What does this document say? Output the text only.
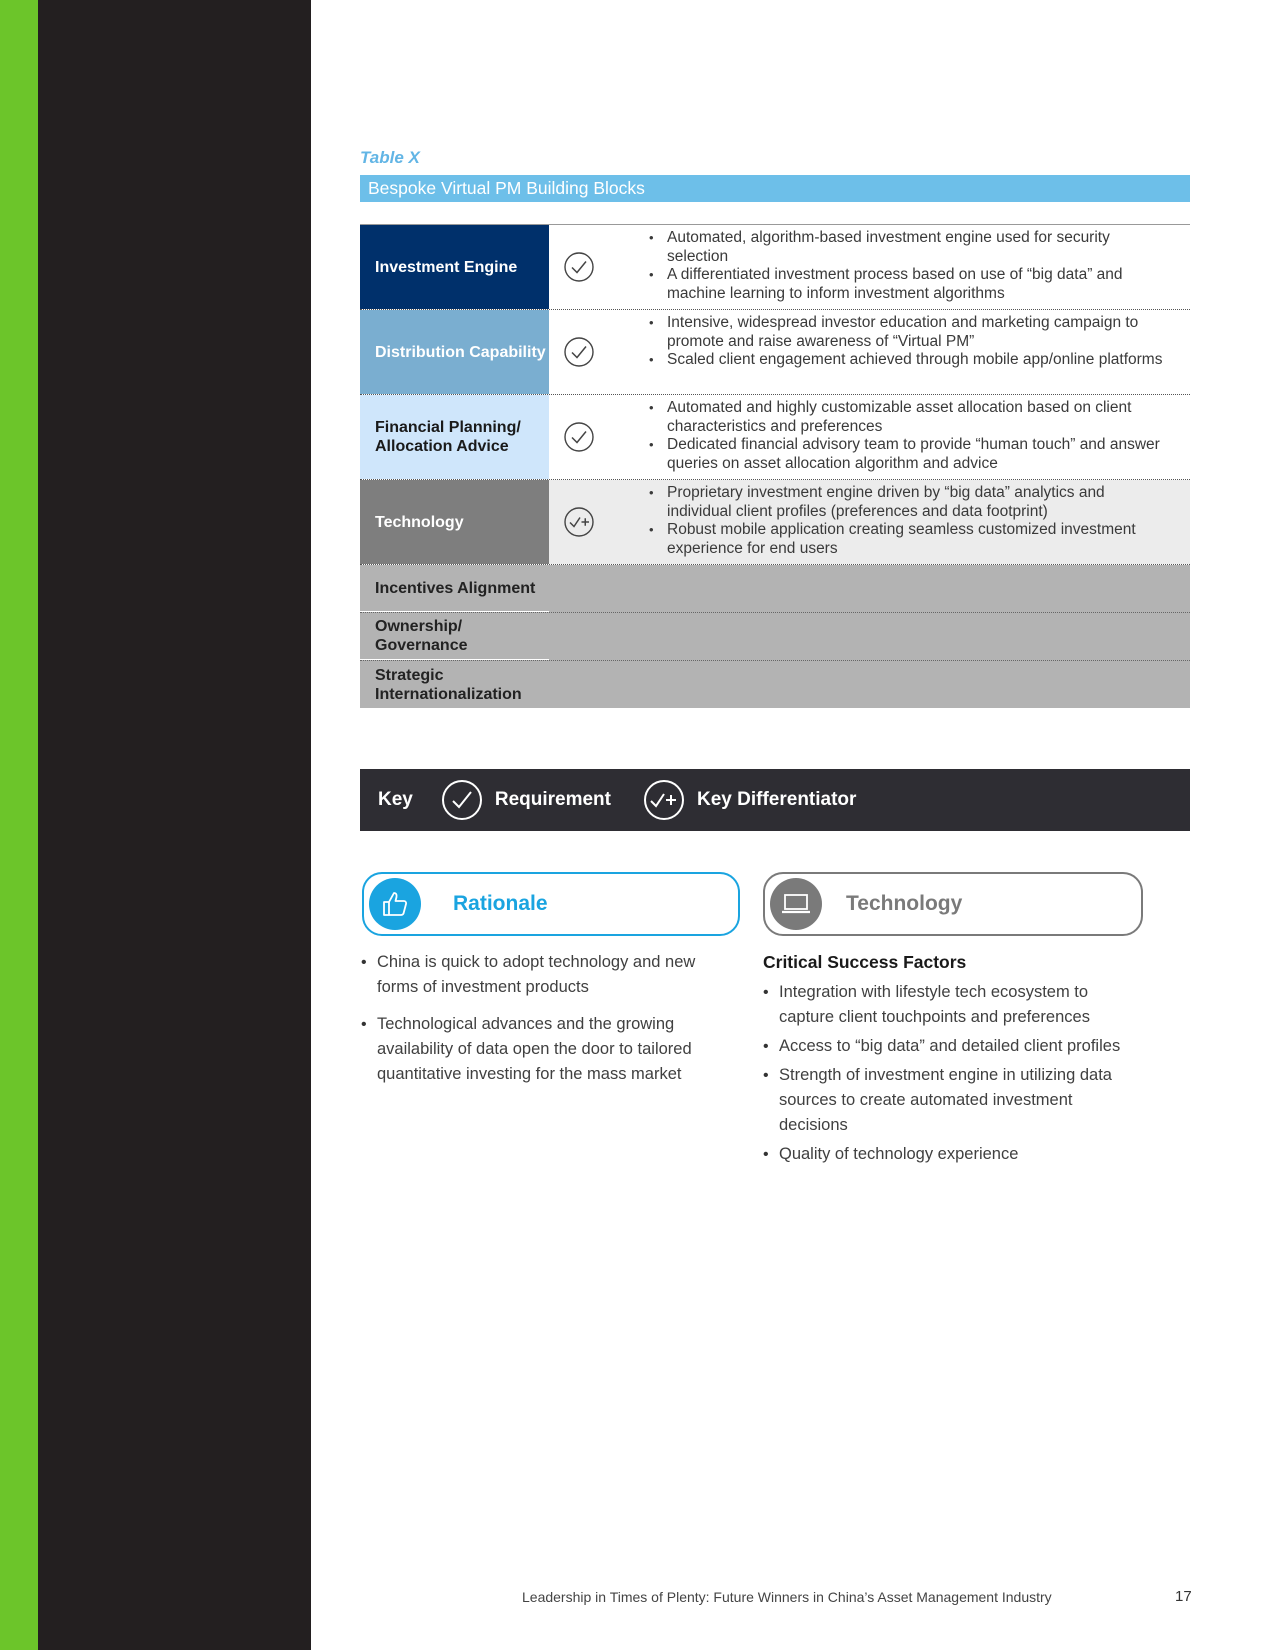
Table X
Bespoke Virtual PM Building Blocks
Investment Engine
• Automated, algorithm-based investment engine used for security selection
• A differentiated investment process based on use of “big data” and machine learning to inform investment algorithms
Distribution Capability
• Intensive, widespread investor education and marketing campaign to promote and raise awareness of “Virtual PM”
• Scaled client engagement achieved through mobile app/online platforms
Financial Planning/ Allocation Advice
• Automated and highly customizable asset allocation based on client characteristics and preferences
• Dedicated financial advisory team to provide “human touch” and answer queries on asset allocation algorithm and advice
Technology
• Proprietary investment engine driven by “big data” analytics and individual client profiles (preferences and data footprint)
• Robust mobile application creating seamless customized investment experience for end users
Incentives Alignment
Ownership/ Governance
Strategic Internationalization
Key	Requirement	Key Differentiator
Rationale	Technology
• China is quick to adopt technology and new forms of investment products
• Technological advances and the growing availability of data open the door to tailored quantitative investing for the mass market
Critical Success Factors
• Integration with lifestyle tech ecosystem to capture client touchpoints and preferences
• Access to “big data” and detailed client profiles
• Strength of investment engine in utilizing data sources to create automated investment decisions
• Quality of technology experience
Leadership in Times of Plenty: Future Winners in China’s Asset Management Industry	17
